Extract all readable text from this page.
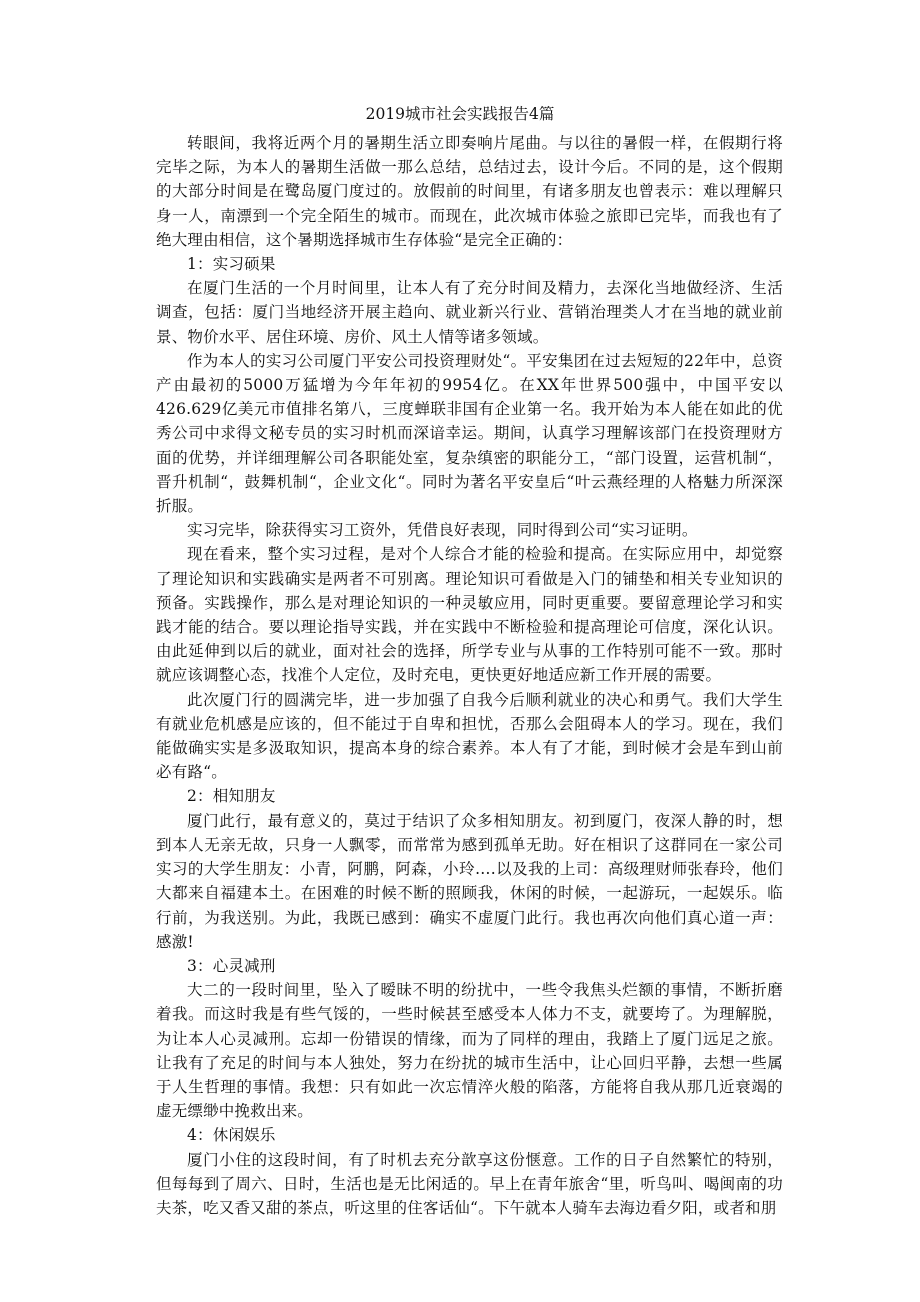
2019城市社会实践报告4篇

转眼间，我将近两个月的暑期生活立即奏响片尾曲。与以往的暑假一样，在假期行将完毕之际，为本人的暑期生活做一那么总结，总结过去，设计今后。不同的是，这个假期的大部分时间是在鹭岛厦门度过的。放假前的时间里，有诸多朋友也曾表示：难以理解只身一人，南漂到一个完全陌生的城市。而现在，此次城市体验之旅即已完毕，而我也有了绝大理由相信，这个暑期选择城市生存体验“是完全正确的：

1：实习硕果

在厦门生活的一个月时间里，让本人有了充分时间及精力，去深化当地做经济、生活调查，包括：厦门当地经济开展主趋向、就业新兴行业、营销治理类人才在当地的就业前景、物价水平、居住环境、房价、风土人情等诸多领域。

作为本人的实习公司厦门平安公司投资理财处“。平安集团在过去短短的22年中，总资产由最初的5000万猛增为今年年初的9954亿。在XX年世界500强中，中国平安以426.629亿美元市值排名第八，三度蝉联非国有企业第一名。我开始为本人能在如此的优秀公司中求得文秘专员的实习时机而深谙幸运。期间，认真学习理解该部门在投资理财方面的优势，并详细理解公司各职能处室，复杂缜密的职能分工，“部门设置，运营机制“，晋升机制“，鼓舞机制“，企业文化“。同时为著名平安皇后“叶云燕经理的人格魅力所深深折服。

实习完毕，除获得实习工资外，凭借良好表现，同时得到公司“实习证明。

现在看来，整个实习过程，是对个人综合才能的检验和提高。在实际应用中，却觉察了理论知识和实践确实是两者不可别离。理论知识可看做是入门的铺垫和相关专业知识的预备。实践操作，那么是对理论知识的一种灵敏应用，同时更重要。要留意理论学习和实践才能的结合。要以理论指导实践，并在实践中不断检验和提高理论可信度，深化认识。由此延伸到以后的就业，面对社会的选择，所学专业与从事的工作特别可能不一致。那时就应该调整心态，找准个人定位，及时充电，更快更好地适应新工作开展的需要。

此次厦门行的圆满完毕，进一步加强了自我今后顺利就业的决心和勇气。我们大学生有就业危机感是应该的，但不能过于自卑和担忧，否那么会阻碍本人的学习。现在，我们能做确实实是多汲取知识，提高本身的综合素养。本人有了才能，到时候才会是车到山前必有路“。

2：相知朋友

厦门此行，最有意义的，莫过于结识了众多相知朋友。初到厦门，夜深人静的时，想到本人无亲无故，只身一人飘零，而常常为感到孤单无助。好在相识了这群同在一家公司实习的大学生朋友：小青，阿鹏，阿森，小玲….以及我的上司：高级理财师张春玲，他们大都来自福建本土。在困难的时候不断的照顾我，休闲的时候，一起游玩，一起娱乐。临行前，为我送别。为此，我既已感到：确实不虚厦门此行。我也再次向他们真心道一声：感激!

3：心灵减刑

大二的一段时间里，坠入了暧昧不明的纷扰中，一些令我焦头烂额的事情，不断折磨着我。而这时我是有些气馁的，一些时候甚至感受本人体力不支，就要垮了。为理解脱，为让本人心灵减刑。忘却一份错误的情缘，而为了同样的理由，我踏上了厦门远足之旅。让我有了充足的时间与本人独处，努力在纷扰的城市生活中，让心回归平静，去想一些属于人生哲理的事情。我想：只有如此一次忘情淬火般的陷落，方能将自我从那几近衰竭的虚无缥缈中挽救出来。

4：休闲娱乐

厦门小住的这段时间，有了时机去充分歆享这份惬意。工作的日子自然繁忙的特别，但每每到了周六、日时，生活也是无比闲适的。早上在青年旅舍“里，听鸟叫、喝闽南的功夫茶，吃又香又甜的茶点，听这里的住客话仙“。下午就本人骑车去海边看夕阳，或者和朋
